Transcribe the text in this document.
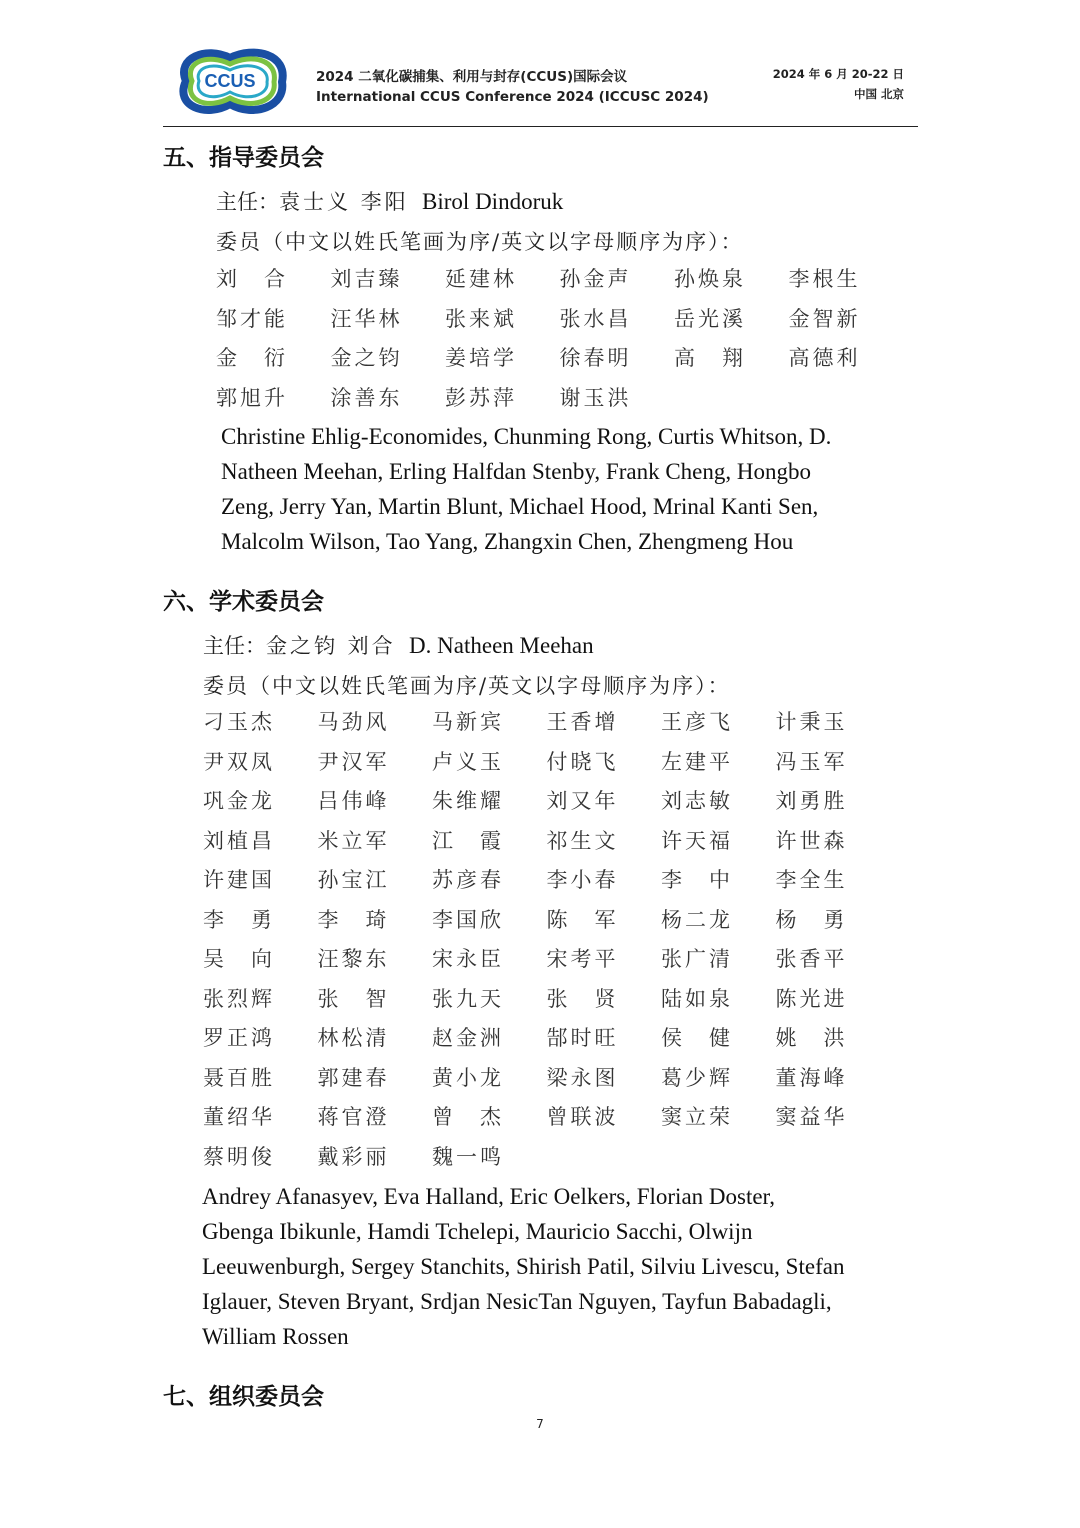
CCUS	2024 二氧化碳捕集、利用与封存(CCUS)国际会议
International CCUS Conference 2024 (ICCUSC 2024)
2024 年 6 月 20-22 日
中国 北京
五、指导委员会
主任：袁士义 李阳 Birol Dindoruk
委员（中文以姓氏笔画为序/英文以字母顺序为序）：
刘　合	刘吉臻	延建林	孙金声	孙焕泉	李根生
邹才能	汪华林	张来斌	张水昌	岳光溪	金智新
金　衍	金之钧	姜培学	徐春明	高　翔	高德利
郭旭升	涂善东	彭苏萍	谢玉洪
Christine Ehlig-Economides, Chunming Rong, Curtis Whitson, D.
Natheen Meehan, Erling Halfdan Stenby, Frank Cheng, Hongbo
Zeng, Jerry Yan, Martin Blunt, Michael Hood, Mrinal Kanti Sen,
Malcolm Wilson, Tao Yang, Zhangxin Chen, Zhengmeng Hou
六、学术委员会
主任：金之钧 刘合 D. Natheen Meehan
委员（中文以姓氏笔画为序/英文以字母顺序为序）：
刁玉杰	马劲风	马新宾	王香增	王彦飞	计秉玉
尹双凤	尹汉军	卢义玉	付晓飞	左建平	冯玉军
巩金龙	吕伟峰	朱维耀	刘又年	刘志敏	刘勇胜
刘植昌	米立军	江　霞	祁生文	许天福	许世森
许建国	孙宝江	苏彦春	李小春	李　中	李全生
李　勇	李　琦	李国欣	陈　军	杨二龙	杨　勇
吴　向	汪黎东	宋永臣	宋考平	张广清	张香平
张烈辉	张　智	张九天	张　贤	陆如泉	陈光进
罗正鸿	林松清	赵金洲	郜时旺	侯　健	姚　洪
聂百胜	郭建春	黄小龙	梁永图	葛少辉	董海峰
董绍华	蒋官澄	曾　杰	曾联波	窦立荣	窦益华
蔡明俊	戴彩丽	魏一鸣
Andrey Afanasyev, Eva Halland, Eric Oelkers, Florian Doster,
Gbenga Ibikunle, Hamdi Tchelepi, Mauricio Sacchi, Olwijn
Leeuwenburgh, Sergey Stanchits, Shirish Patil, Silviu Livescu, Stefan
Iglauer, Steven Bryant, Srdjan NesicTan Nguyen, Tayfun Babadagli,
William Rossen
七、组织委员会
7
